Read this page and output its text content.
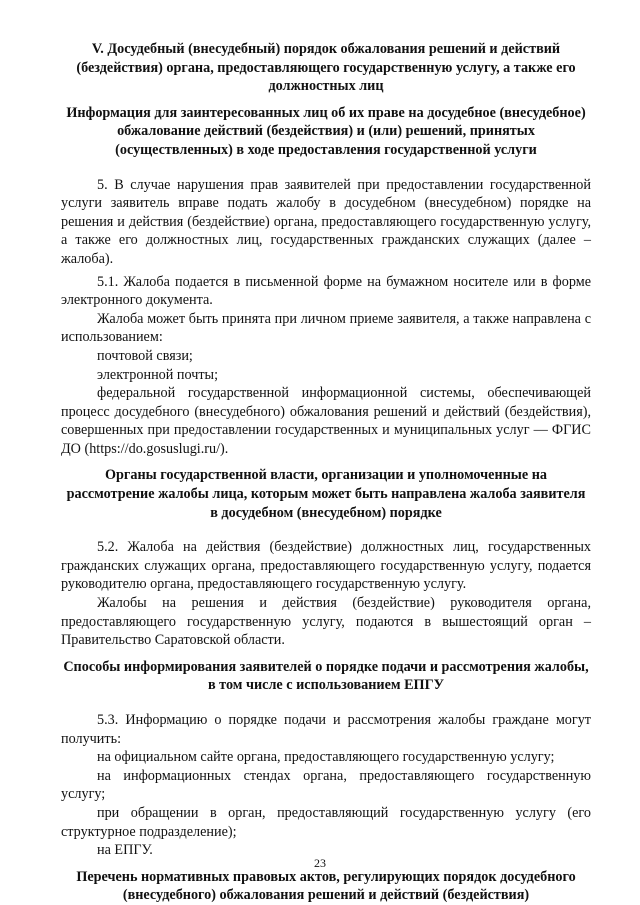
V. Досудебный (внесудебный) порядок обжалования решений и действий (бездействия) органа, предоставляющего государственную услугу, а также его должностных лиц
Информация для заинтересованных лиц об их праве на досудебное (внесудебное) обжалование действий (бездействия) и (или) решений, принятых (осуществленных) в ходе предоставления государственной услуги

5. В случае нарушения прав заявителей при предоставлении государственной услуги заявитель вправе подать жалобу в досудебном (внесудебном) порядке на решения и действия (бездействие) органа, предоставляющего государственную услугу, а также его должностных лиц, государственных гражданских служащих (далее – жалоба).

5.1. Жалоба подается в письменной форме на бумажном носителе или в форме электронного документа.

Жалоба может быть принята при личном приеме заявителя, а также направлена с использованием:

почтовой связи;

электронной почты;

федеральной государственной информационной системы, обеспечивающей процесс досудебного (внесудебного) обжалования решений и действий (бездействия), совершенных при предоставлении государственных и муниципальных услуг — ФГИС ДО (https://do.gosuslugi.ru/).

Органы государственной власти, организации и уполномоченные на рассмотрение жалобы лица, которым может быть направлена жалоба заявителя в досудебном (внесудебном) порядке

5.2. Жалоба на действия (бездействие) должностных лиц, государственных гражданских служащих органа, предоставляющего государственную услугу, подается руководителю органа, предоставляющего государственную услугу.

Жалобы на решения и действия (бездействие) руководителя органа, предоставляющего государственную услугу, подаются в вышестоящий орган – Правительство Саратовской области.

Способы информирования заявителей о порядке подачи и рассмотрения жалобы, в том числе с использованием ЕПГУ

5.3. Информацию о порядке подачи и рассмотрения жалобы граждане могут получить:

на официальном сайте органа, предоставляющего государственную услугу;

на информационных стендах органа, предоставляющего государственную услугу;

при обращении в орган, предоставляющий государственную услугу (его структурное подразделение);

на ЕПГУ.

Перечень нормативных правовых актов, регулирующих порядок досудебного (внесудебного) обжалования решений и действий (бездействия)
23
